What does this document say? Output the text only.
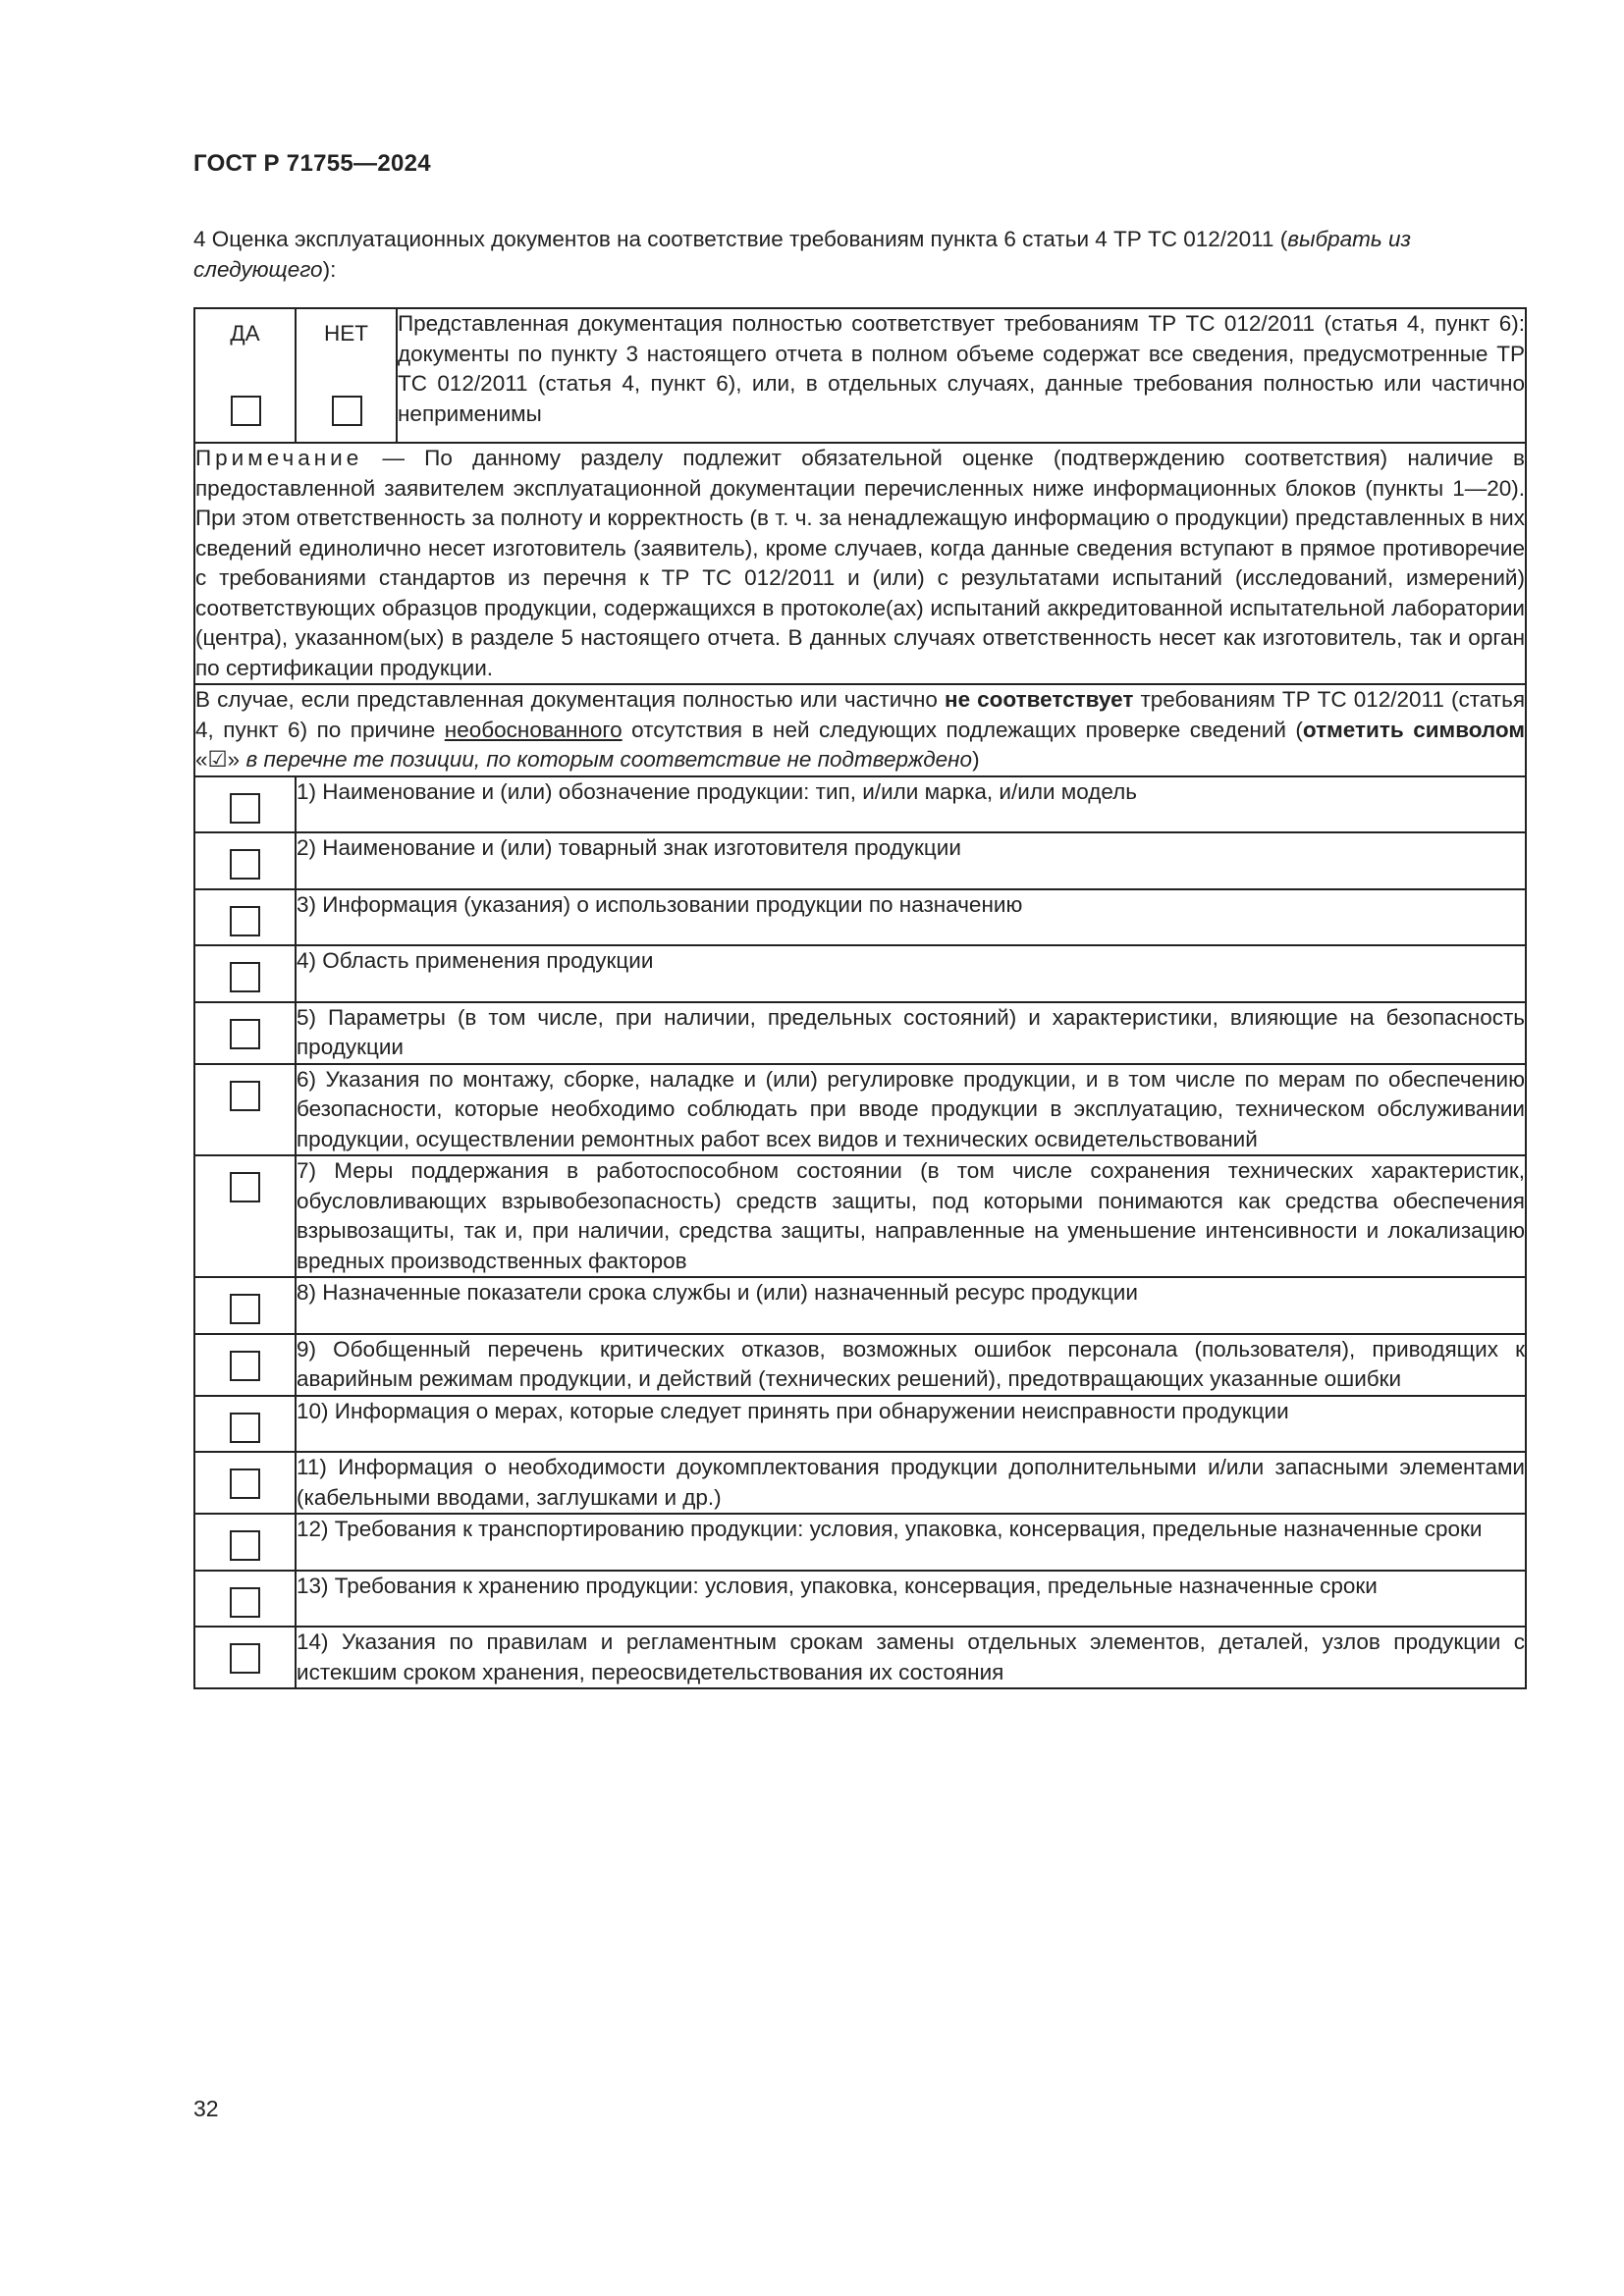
ГОСТ Р 71755—2024
4 Оценка эксплуатационных документов на соответствие требованиям пункта 6 статьи 4 ТР ТС 012/2011 (выбрать из следующего):
ДА	НЕТ	Представленная документация полностью соответствует требованиям ТР ТС 012/2011 (статья 4, пункт 6): документы по пункту 3 настоящего отчета в полном объеме содержат все сведения, предусмотренные ТР ТС 012/2011 (статья 4, пункт 6), или, в отдельных случаях, данные требования полностью или частично неприменимы
Примечание — По данному разделу подлежит обязательной оценке (подтверждению соответствия) наличие в предоставленной заявителем эксплуатационной документации перечисленных ниже информационных блоков (пункты 1—20). При этом ответственность за полноту и корректность (в т. ч. за ненадлежащую информацию о продукции) представленных в них сведений единолично несет изготовитель (заявитель), кроме случаев, когда данные сведения вступают в прямое противоречие с требованиями стандартов из перечня к ТР ТС 012/2011 и (или) с результатами испытаний (исследований, измерений) соответствующих образцов продукции, содержащихся в протоколе(ах) испытаний аккредитованной испытательной лаборатории (центра), указанном(ых) в разделе 5 настоящего отчета. В данных случаях ответственность несет как изготовитель, так и орган по сертификации продукции.		
В случае, если представленная документация полностью или частично не соответствует требованиям ТР ТС 012/2011 (статья 4, пункт 6) по причине необоснованного отсутствия в ней следующих подлежащих проверке сведений (отметить символом «☑» в перечне те позиции, по которым соответствие не подтверждено)		
	1) Наименование и (или) обозначение продукции: тип, и/или марка, и/или модель	
	2) Наименование и (или) товарный знак изготовителя продукции	
	3) Информация (указания) о использовании продукции по назначению	
	4) Область применения продукции	
	5) Параметры (в том числе, при наличии, предельных состояний) и характеристики, влияющие на безопасность продукции	
	6) Указания по монтажу, сборке, наладке и (или) регулировке продукции, и в том числе по мерам по обеспечению безопасности, которые необходимо соблюдать при вводе продукции в эксплуатацию, техническом обслуживании продукции, осуществлении ремонтных работ всех видов и технических освидетельствований	
	7) Меры поддержания в работоспособном состоянии (в том числе сохранения технических характеристик, обусловливающих взрывобезопасность) средств защиты, под которыми понимаются как средства обеспечения взрывозащиты, так и, при наличии, средства защиты, направленные на уменьшение интенсивности и локализацию вредных производственных факторов	
	8) Назначенные показатели срока службы и (или) назначенный ресурс продукции	
	9) Обобщенный перечень критических отказов, возможных ошибок персонала (пользователя), приводящих к аварийным режимам продукции, и действий (технических решений), предотвращающих указанные ошибки	
	10) Информация о мерах, которые следует принять при обнаружении неисправности продукции	
	11) Информация о необходимости доукомплектования продукции дополнительными и/или запасными элементами (кабельными вводами, заглушками и др.)	
	12) Требования к транспортированию продукции: условия, упаковка, консервация, предельные назначенные сроки	
	13) Требования к хранению продукции: условия, упаковка, консервация, предельные назначенные сроки	
	14) Указания по правилам и регламентным срокам замены отдельных элементов, деталей, узлов продукции с истекшим сроком хранения, переосвидетельствования их состояния	
32
